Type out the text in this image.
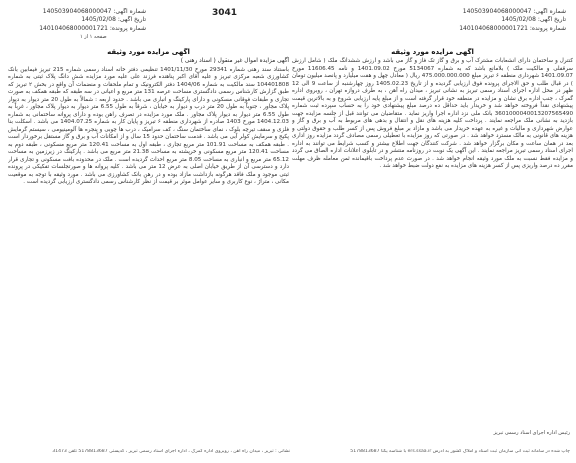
3041
شماره آگهی: 140503904068000047
تاریخ آگهی: 1405/02/08
شماره پرونده: 140104068000001721
شماره آگهی: 140503904068000047
تاریخ آگهی: 1405/02/08
شماره پرونده: 140104068000001721
صفحه ۱ از ۱
آگهی مزایده مورد وثیقه

کنترل و ساختمان دارای انشعابات مشترک آب و برق و گاز تک فاز و گاز می باشد و ارزش ششدانگ ملک ( شامل ارزش سرقفلی و مالکیت ملک ) بلامانع باشد که به شماره 5134067 مورخ 1401.09.02 و نامه 11606.45 مورخ 1401.09.07 شهرداری منطقه ۶ تبریز مبلغ 475.000.000.000 ریال ( معادل چهل و هفت میلیارد و پانصد میلیون تومان ) در قبال طلب و حق الاجرای پرونده فوق ارزیابی گردیده و از تاریخ 1405.02.23 روز چهارشنبه از ساعت 9 الی 12 ظهر در محل اداره اجرای اسناد رسمی تبریز به نشانی تبریز ، میدان راه آهن ، به طرف دروازه تهران ، روبروی اداره گمرک ، جنب اداره برق نشان و مزایده در منطقه خود قرار گرفته است و از مبلغ پایه ارزیابی شروع و به بالاترین قیمت پیشنهادی نقداً فروخته خواهد شد و خریدار باید حداقل ده درصد مبلغ پیشنهادی خود را به حساب سپرده ثبت شماره 3601000040013207565490 بانک ملی نزد اداره اجرا واریز نماید . متقاضیان می توانند قبل از جلسه مزایده جهت بازدید به نشانی ملک مراجعه نمایند . پرداخت کلیه هزینه های نقل و انتقال و بدهی های مربوط به آب و برق و گاز و عوارض شهرداری و مالیات و غیره به عهده خریدار می باشد و مازاد بر مبلغ فروش پس از کسر طلب و حقوق دولتی و هزینه های قانونی به مالک مسترد خواهد شد . در صورتی که روز مزایده با تعطیلی رسمی مصادف گردد مزایده روز اداری بعد در همان ساعت و مکان برگزار خواهد شد . شرکت کنندگان جهت اطلاع بیشتر و کسب شرایط می توانند به اداره اجرای اسناد رسمی تبریز مراجعه نمایند . این آگهی یک نوبت در روزنامه منتشر و در تابلوی اعلانات اداره الصاق می گردد و مزایده فقط نسبت به ملک مورد وثیقه انجام خواهد شد . در صورت عدم پرداخت باقیمانده ثمن معامله ظرف مهلت مقرر ده درصد واریزی پس از کسر هزینه های مزایده به نفع دولت ضبط خواهد شد .

رئیس اداره اجرای اسناد رسمی تبریز
آگهی مزایده مورد وثیقه
آگهی مزایده اموال غیر منقول ( اسناد رهنی )

باستناد سند رهنی شماره 29341 مورخ 1401/11/30 تنظیمی دفتر خانه اسناد رسمی شماره 215 تبریز فیمابین بانک کشاورزی شعبه مرکزی تبریز و علیه آقای اکبر پناهنده فرزند علی علیه مورد مزایده شش دانگ پلاک ثبتی به شماره 104401808 سند مالکیت به شماره 1404/06 دفتر الکترونیک و تمام ملحقات و منضمات آن واقع در بخش ۲ تبریز که طبق گزارش کارشناس رسمی دادگستری مساحت عرصه 131 متر مربع و اعیانی در سه طبقه که طبقه همکف به صورت تجاری و طبقات فوقانی مسکونی و دارای پارکینگ و انباری می باشد . حدود اربعه : شمالاً به طول 20 متر دیوار به دیوار پلاک مجاور ، جنوباً به طول 20 متر درب و دیوار به خیابان ، شرقاً به طول 6.55 متر دیوار به دیوار پلاک مجاور ، غرباً به طول 6.55 متر دیوار به دیوار پلاک مجاور . ملک مورد مزایده در تصرف راهن بوده و دارای پروانه ساختمانی به شماره 1404.12.03 مورخ 1403 صادره از شهرداری منطقه ۶ تبریز و پایان کار به شماره 1404.07.25 می باشد . اسکلت بنا فلزی و سقف تیرچه بلوک ، نمای ساختمان سنگ ، کف سرامیک ، درب ها چوبی و پنجره ها آلومینیومی ، سیستم گرمایش پکیج و سرمایش کولر آبی می باشد . قدمت ساختمان حدود 15 سال و از امکانات آب و برق و گاز مستقل برخوردار است . طبقه همکف به مساحت 101.91 متر مربع تجاری ، طبقه اول به مساحت 120.41 متر مربع مسکونی ، طبقه دوم به مساحت 120.41 متر مربع مسکونی و خرپشته به مساحت 21.38 متر مربع می باشد . پارکینگ در زیرزمین به مساحت 65.12 متر مربع و انباری به مساحت 8.05 متر مربع احداث گردیده است . ملک در محدوده بافت مسکونی و تجاری قرار دارد و دسترسی آن از طریق خیابان اصلی به عرض 12 متر می باشد . کلیه پروانه ها و صورتجلسات تفکیکی در پرونده ثبتی موجود و ملک فاقد هرگونه بازداشت مازاد بوده و در رهن بانک کشاورزی می باشد . مورد وثیقه با توجه به موقعیت مکانی ، متراژ ، نوع کاربری و سایر عوامل موثر بر قیمت از نظر کارشناس رسمی دادگستری ارزیابی گردیده است .

چاپ شده در سامانه ثبت آنی سازمان ثبت اسناد و املاک کشور به آدرس ers.ssaa.ir با شناسه یکتا 5178813687
نشانی : تبریز ، میدان راه آهن ، روبروی اداره گمرک ، اداره اجرای اسناد رسمی تبریز ، کدپستی 5178813687 تلفن 31473
